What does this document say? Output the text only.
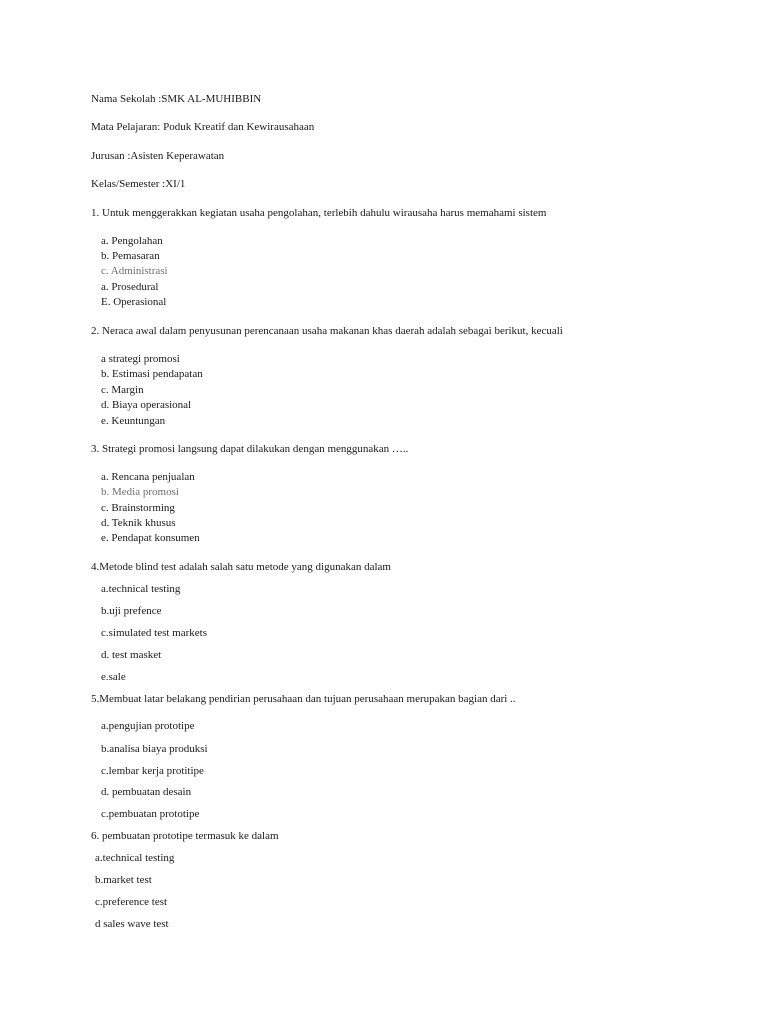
Nama Sekolah :SMK AL-MUHIBBIN
Mata Pelajaran: Poduk Kreatif dan Kewirausahaan
Jurusan :Asisten Keperawatan
Kelas/Semester :XI/1
1. Untuk menggerakkan kegiatan usaha pengolahan, terlebih dahulu wirausaha harus memahami sistem
a. Pengolahan
b. Pemasaran
c. Administrasi
a. Prosedural
E. Operasional
2. Neraca awal dalam penyusunan perencanaan usaha makanan khas daerah adalah sebagai berikut, kecuali
a strategi promosi
b. Estimasi pendapatan
c. Margin
d. Biaya operasional
e. Keuntungan
3. Strategi promosi langsung dapat dilakukan dengan menggunakan …..
a. Rencana penjualan
b. Media promosi
c. Brainstorming
d. Teknik khusus
e. Pendapat konsumen
4.Metode blind test adalah salah satu metode yang digunakan dalam
a.technical testing
b.uji prefence
c.simulated test markets
d. test masket
e.sale
5.Membuat latar belakang pendirian perusahaan dan tujuan perusahaan merupakan bagian dari ..
a.pengujian prototipe
b.analisa biaya produksi
c.lembar kerja protitipe
d. pembuatan desain
c.pembuatan prototipe
6. pembuatan prototipe termasuk ke dalam
a.technical testing
b.market test
c.preference test
d sales wave test
